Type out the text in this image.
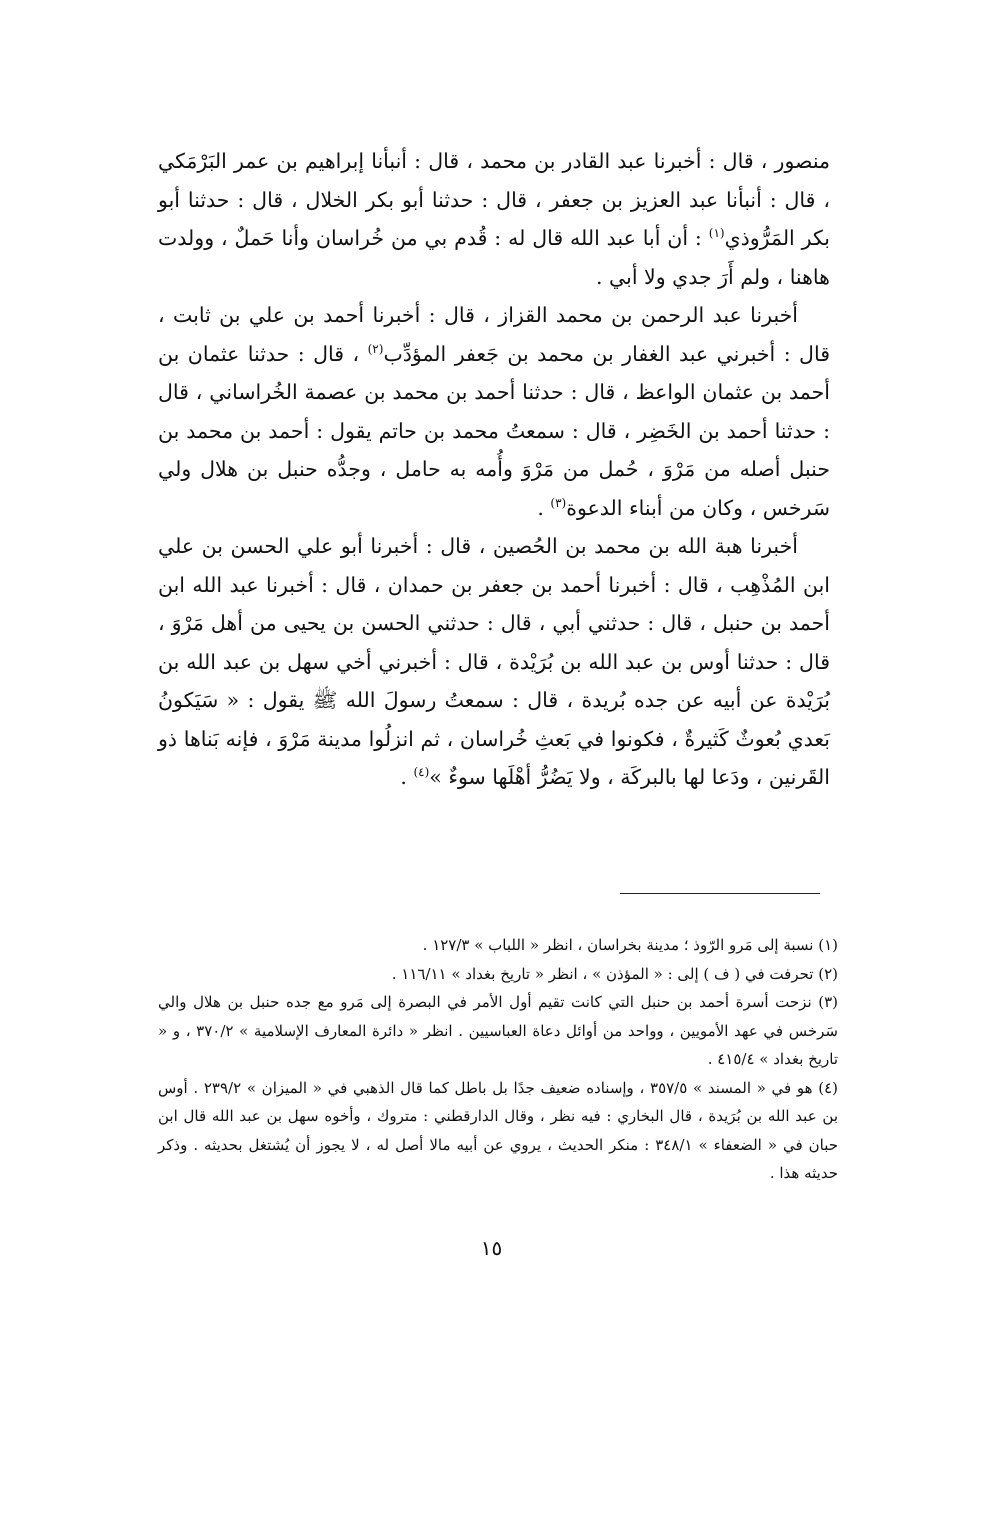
منصور ، قال : أخبرنا عبد القادر بن محمد ، قال : أنبأنا إبراهيم بن عمر البَرْمَكي ، قال : أنبأنا عبد العزيز بن جعفر ، قال : حدثنا أبو بكر الخلال ، قال : حدثنا أبو بكر المَرُّوذي$^{(١)}$ : أن أبا عبد الله قال له : قُدم بي من خُراسان وأنا حَملٌ ، وولدت هاهنا ، ولم أَرَ جدي ولا أبي .

أخبرنا عبد الرحمن بن محمد القزاز ، قال : أخبرنا أحمد بن علي بن ثابت ، قال : أخبرني عبد الغفار بن محمد بن جَعفر المؤدِّب$^{(٢)}$ ، قال : حدثنا عثمان بن أحمد بن عثمان الواعظ ، قال : حدثنا أحمد بن محمد بن عصمة الخُراساني ، قال : حدثنا أحمد بن الخَضِر ، قال : سمعتُ محمد بن حاتم يقول : أحمد بن محمد بن حنبل أصله من مَرْوَ ، حُمل من مَرْوَ وأُمه به حامل ، وجدُّه حنبل بن هلال ولي سَرخس ، وكان من أبناء الدعوة$^{(٣)}$ .

أخبرنا هبة الله بن محمد بن الحُصين ، قال : أخبرنا أبو علي الحسن بن علي ابن المُذْهِب ، قال : أخبرنا أحمد بن جعفر بن حمدان ، قال : أخبرنا عبد الله ابن أحمد بن حنبل ، قال : حدثني أبي ، قال : حدثني الحسن بن يحيى من أهل مَرْوَ ، قال : حدثنا أوس بن عبد الله بن بُرَيْدة ، قال : أخبرني أخي سهل بن عبد الله بن بُرَيْدة عن أبيه عن جده بُريدة ، قال : سمعتُ رسولَ الله ﷺ يقول : « سَيَكونُ بَعدي بُعوثٌ كَثيرةٌ ، فكونوا في بَعثِ خُراسان ، ثم انزلُوا مدينة مَرْوَ ، فإنه بَناها ذو القَرنين ، ودَعا لها بالبركَة ، ولا يَضُرُّ أهْلَها سوءٌ »$^{(٤)}$ .

(١) نسبة إلى مَرو الرّوذ ؛ مدينة بخراسان ، انظر « اللباب » ١٢٧/٣ .

(٢) تحرفت في ( ف ) إلى : « المؤذن » ، انظر « تاريخ بغداد » ١١٦/١١ .

(٣) نزحت أسرة أحمد بن حنبل التي كانت تقيم أول الأمر في البصرة إلى مَرو مع جده حنبل بن هلال والي سَرخس في عهد الأمويين ، وواحد من أوائل دعاة العباسيين . انظر « دائرة المعارف الإسلامية » ٣٧٠/٢ ، و « تاريخ بغداد » ٤١٥/٤ .

(٤) هو في « المسند » ٣٥٧/٥ ، وإسناده ضعيف جدًا بل باطل كما قال الذهبي في « الميزان » ٢٣٩/٢ . أوس بن عبد الله بن بُرَيدة ، قال البخاري : فيه نظر ، وقال الدارقطني : متروك ، وأخوه سهل بن عبد الله قال ابن حبان في « الضعفاء » ٣٤٨/١ : منكر الحديث ، يروي عن أبيه مالا أصل له ، لا يجوز أن يُشتغل بحديثه . وذكر حديثه هذا .

١٥
